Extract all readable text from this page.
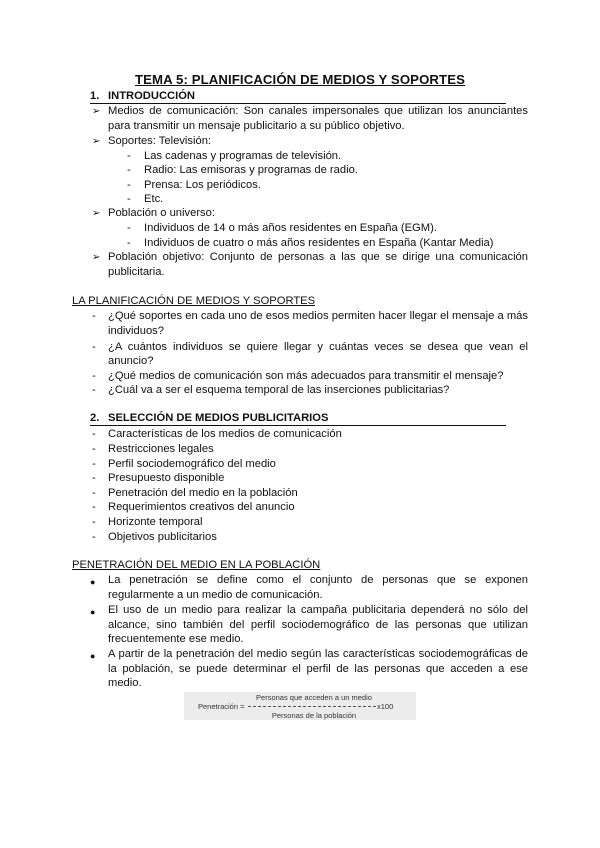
TEMA 5: PLANIFICACIÓN DE MEDIOS Y SOPORTES
1. INTRODUCCIÓN
➢ Medios de comunicación: Son canales impersonales que utilizan los anunciantes
para transmitir un mensaje publicitario a su público objetivo.
➢ Soportes: Televisión:
- Las cadenas y programas de televisión.
- Radio: Las emisoras y programas de radio.
- Prensa: Los periódicos.
- Etc.
➢ Población o universo:
- Individuos de 14 o más años residentes en España (EGM).
- Individuos de cuatro o más años residentes en España (Kantar Media)
➢ Población objetivo: Conjunto de personas a las que se dirige una comunicación
publicitaria.
LA PLANIFICACIÓN DE MEDIOS Y SOPORTES
- ¿Qué soportes en cada uno de esos medios permiten hacer llegar el mensaje a más
individuos?
- ¿A cuántos individuos se quiere llegar y cuántas veces se desea que vean el
anuncio?
- ¿Qué medios de comunicación son más adecuados para transmitir el mensaje?
- ¿Cuál va a ser el esquema temporal de las inserciones publicitarias?
2. SELECCIÓN DE MEDIOS PUBLICITARIOS
- Características de los medios de comunicación
- Restricciones legales
- Perfil sociodemográfico del medio
- Presupuesto disponible
- Penetración del medio en la población
- Requerimientos creativos del anuncio
- Horizonte temporal
- Objetivos publicitarios
PENETRACIÓN DEL MEDIO EN LA POBLACIÓN
● La penetración se define como el conjunto de personas que se exponen
regularmente a un medio de comunicación.
● El uso de un medio para realizar la campaña publicitaria dependerá no sólo del
alcance, sino también del perfil sociodemográfico de las personas que utilizan
frecuentemente ese medio.
● A partir de la penetración del medio según las características sociodemográficas de
la población, se puede determinar el perfil de las personas que acceden a ese
medio.
Personas que acceden a un medio
Penetración =	x100
Personas de la población
